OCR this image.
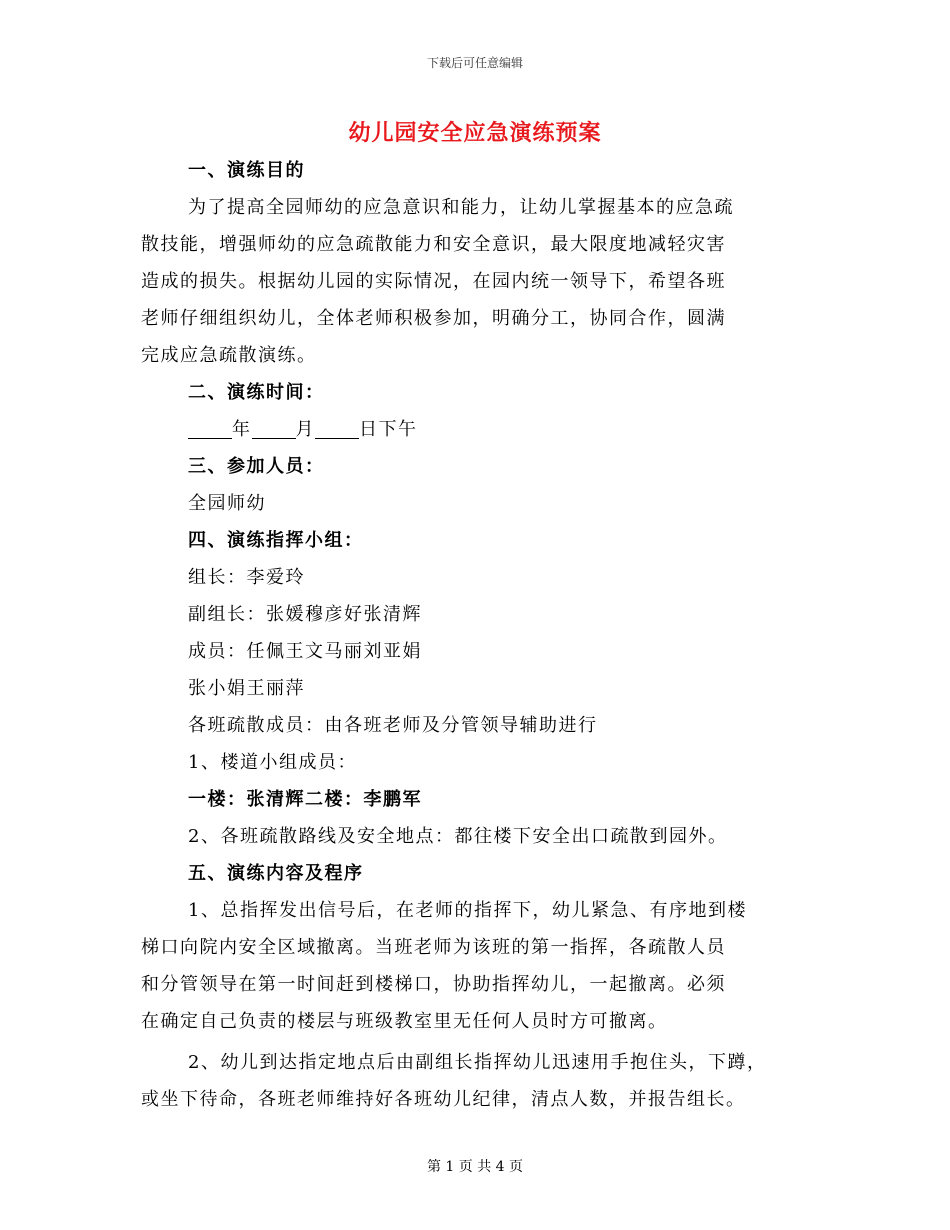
下载后可任意编辑
幼儿园安全应急演练预案
一、演练目的
为了提高全园师幼的应急意识和能力，让幼儿掌握基本的应急疏
散技能，增强师幼的应急疏散能力和安全意识，最大限度地减轻灾害
造成的损失。根据幼儿园的实际情况，在园内统一领导下，希望各班
老师仔细组织幼儿，全体老师积极参加，明确分工，协同合作，圆满
完成应急疏散演练。
二、演练时间：
年 月 日下午
三、参加人员：
全园师幼
四、演练指挥小组：
组长：李爱玲
副组长：张媛穆彦好张清辉
成员：任佩王文马丽刘亚娟
张小娟王丽萍
各班疏散成员：由各班老师及分管领导辅助进行
1、楼道小组成员：
一楼：张清辉二楼：李鹏军
2、各班疏散路线及安全地点：都往楼下安全出口疏散到园外。
五、演练内容及程序
1、总指挥发出信号后，在老师的指挥下，幼儿紧急、有序地到楼
梯口向院内安全区域撤离。当班老师为该班的第一指挥，各疏散人员
和分管领导在第一时间赶到楼梯口，协助指挥幼儿，一起撤离。必须
在确定自己负责的楼层与班级教室里无任何人员时方可撤离。
2、幼儿到达指定地点后由副组长指挥幼儿迅速用手抱住头，下蹲，
或坐下待命，各班老师维持好各班幼儿纪律，清点人数，并报告组长。
第 1 页 共 4 页
